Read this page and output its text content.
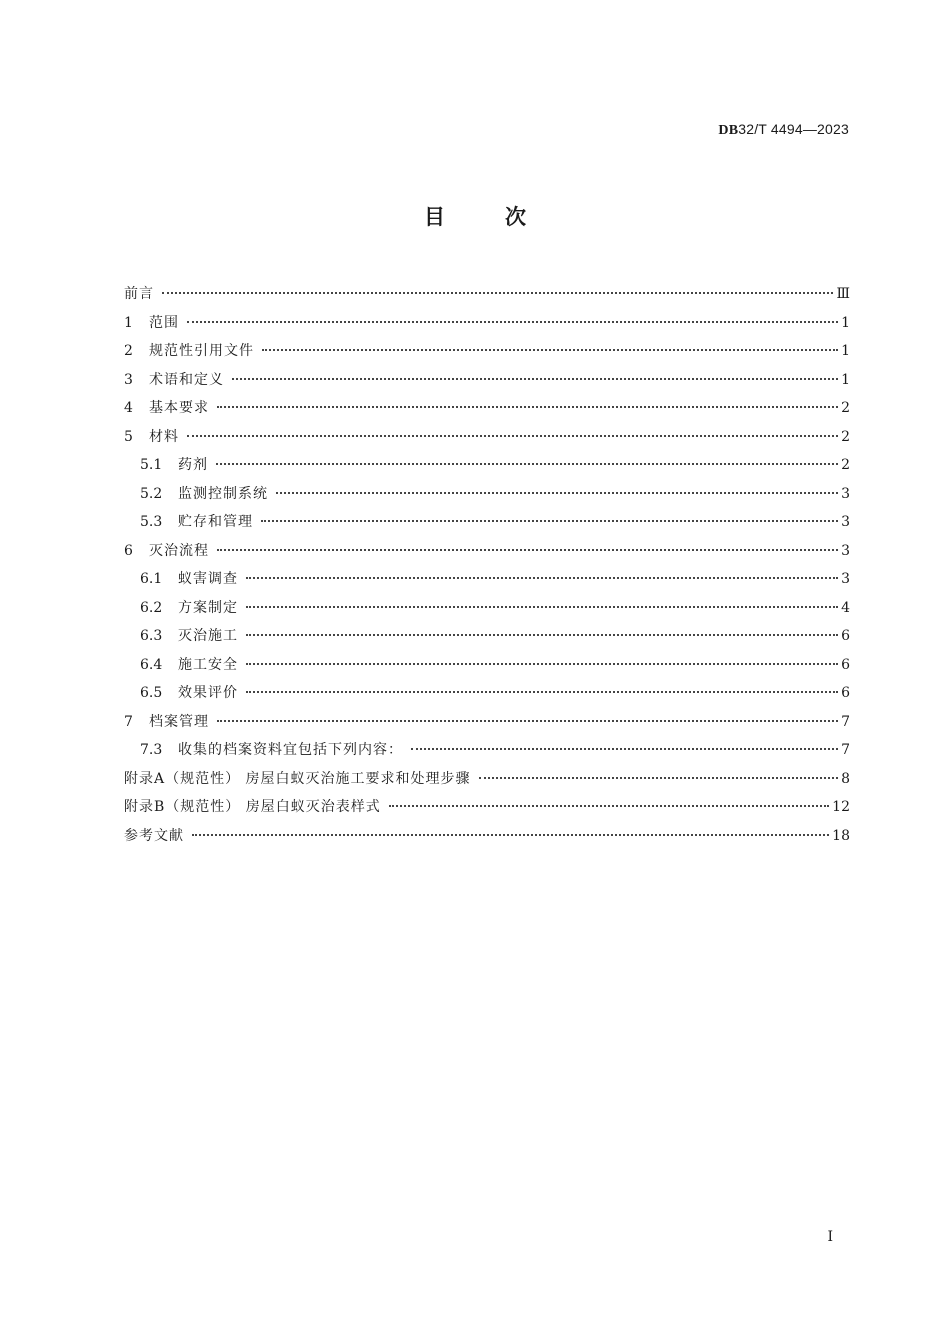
DB32/T 4494—2023
目次
前言	Ⅲ
1	范围	1
2	规范性引用文件	1
3	术语和定义	1
4	基本要求	2
5	材料	2
5.1	药剂	2
5.2	监测控制系统	3
5.3	贮存和管理	3
6	灭治流程	3
6.1	蚁害调查	3
6.2	方案制定	4
6.3	灭治施工	6
6.4	施工安全	6
6.5	效果评价	6
7	档案管理	7
7.3	收集的档案资料宜包括下列内容：	7
附录A（规范性） 房屋白蚁灭治施工要求和处理步骤	8
附录B（规范性） 房屋白蚁灭治表样式	12
参考文献	18
I
